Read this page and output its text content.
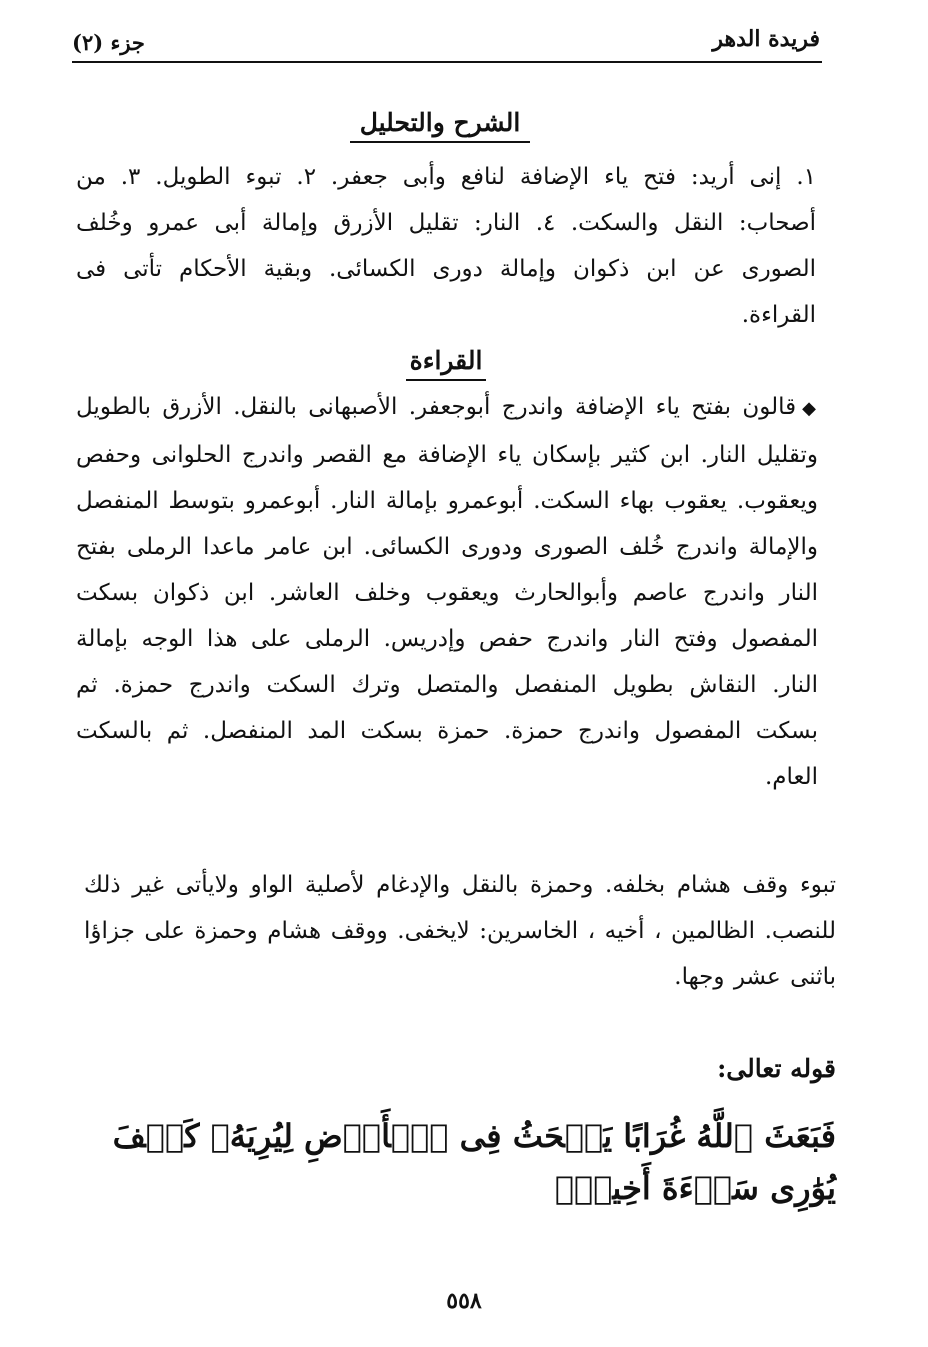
فريدة الدهر
جزء (٢)
الشرح والتحليل
١. إنى أريد: فتح ياء الإضافة لنافع وأبى جعفر. ٢. تبوء الطويل. ٣. من أصحاب: النقل والسكت. ٤. النار: تقليل الأزرق وإمالة أبى عمرو وخُلف الصورى عن ابن ذكوان وإمالة دورى الكسائى. وبقية الأحكام تأتى فى القراءة.
القراءة
◆قالون بفتح ياء الإضافة واندرج أبوجعفر. الأصبهانى بالنقل. الأزرق بالطويل وتقليل النار. ابن كثير بإسكان ياء الإضافة مع القصر واندرج الحلوانى وحفص ويعقوب. يعقوب بهاء السكت. أبوعمرو بإمالة النار. أبوعمرو بتوسط المنفصل والإمالة واندرج خُلف الصورى ودورى الكسائى. ابن عامر ماعدا الرملى بفتح النار واندرج عاصم وأبوالحارث ويعقوب وخلف العاشر. ابن ذكوان بسكت المفصول وفتح النار واندرج حفص وإدريس. الرملى على هذا الوجه بإمالة النار. النقاش بطويل المنفصل والمتصل وترك السكت واندرج حمزة. ثم بسكت المفصول واندرج حمزة. حمزة بسكت المد المنفصل. ثم بالسكت العام.
تبوء وقف هشام بخلفه. وحمزة بالنقل والإدغام لأصلية الواو ولايأتى غير ذلك للنصب. الظالمين ، أخيه ، الخاسرين: لايخفى. ووقف هشام وحمزة على جزاؤا باثنى عشر وجها.
قوله تعالى:
فَبَعَثَ ٱللَّهُ غُرَابًا يَبۡحَثُ فِى ٱلۡأَرۡضِ لِيُرِيَهُۥ كَيۡفَ يُوَٰرِى سَوۡءَةَ أَخِيهِۚ
٥٥٨
